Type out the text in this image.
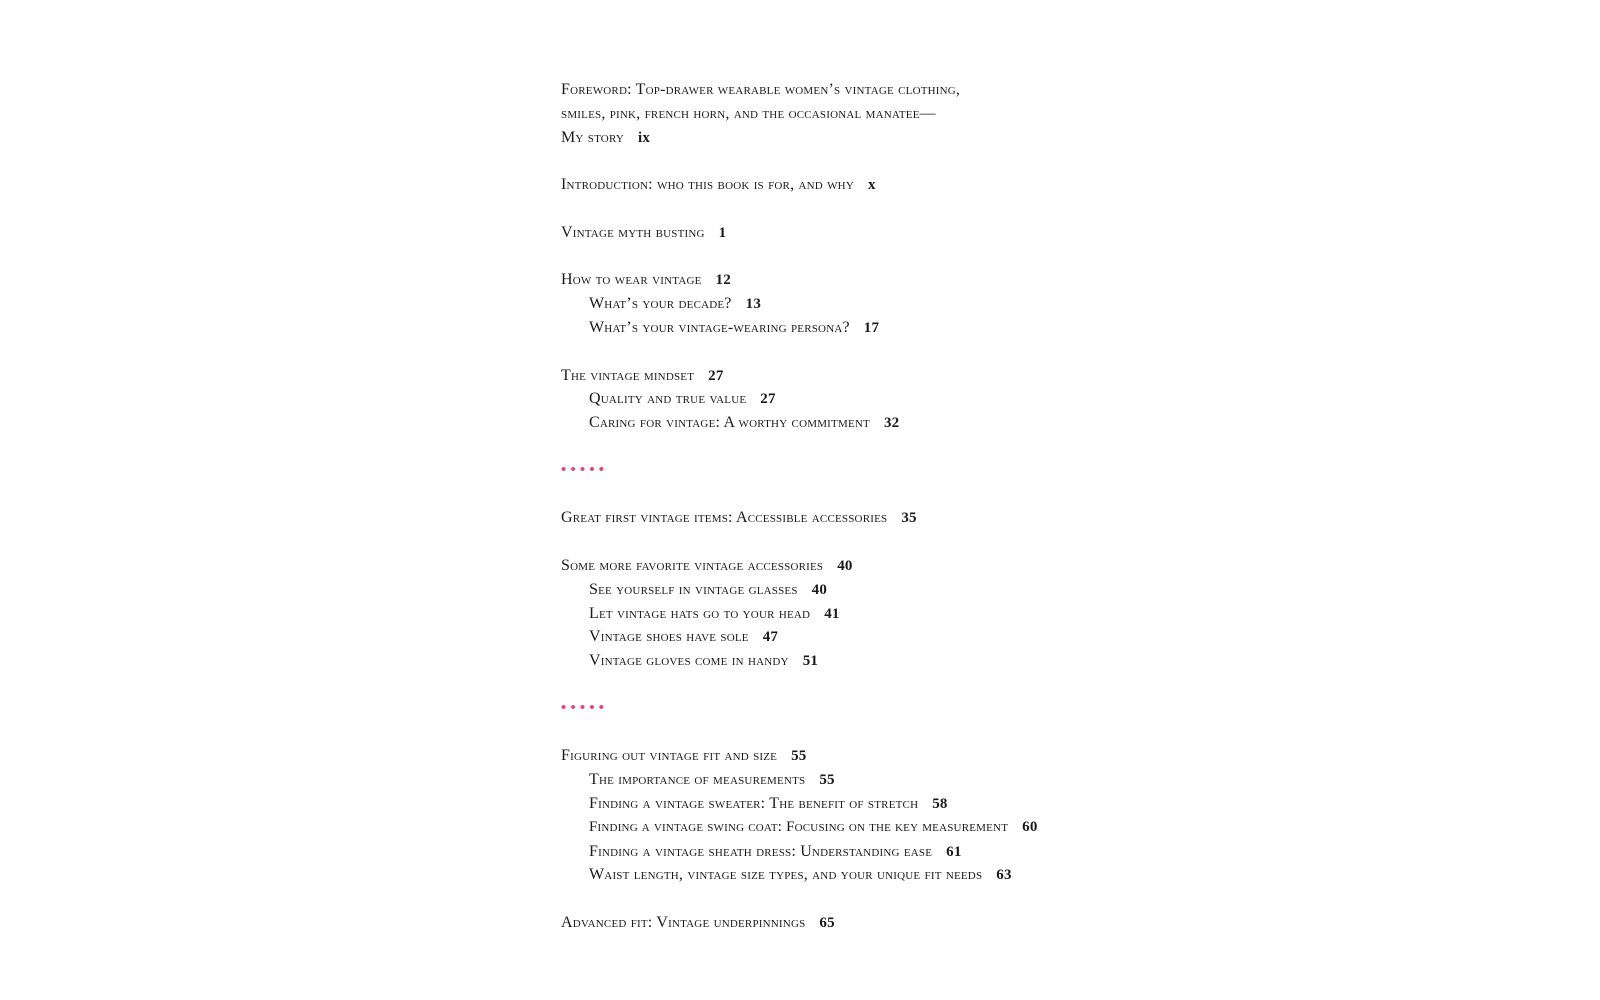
Foreword: Top-drawer wearable women’s vintage clothing,
smiles, pink, french horn, and the occasional manatee—
My story ix
Introduction: who this book is for, and why x
Vintage myth busting 1
How to wear vintage 12
What’s your decade? 13
What’s your vintage-wearing persona? 17
The vintage mindset 27
Quality and true value 27
Caring for vintage: A worthy commitment 32
•••••
Great first vintage items: Accessible accessories 35
Some more favorite vintage accessories 40
See yourself in vintage glasses 40
Let vintage hats go to your head 41
Vintage shoes have sole 47
Vintage gloves come in handy 51
•••••
Figuring out vintage fit and size 55
The importance of measurements 55
Finding a vintage sweater: The benefit of stretch 58
Finding a vintage swing coat: Focusing on the key measurement 60
Finding a vintage sheath dress: Understanding ease 61
Waist length, vintage size types, and your unique fit needs 63
Advanced fit: Vintage underpinnings 65
